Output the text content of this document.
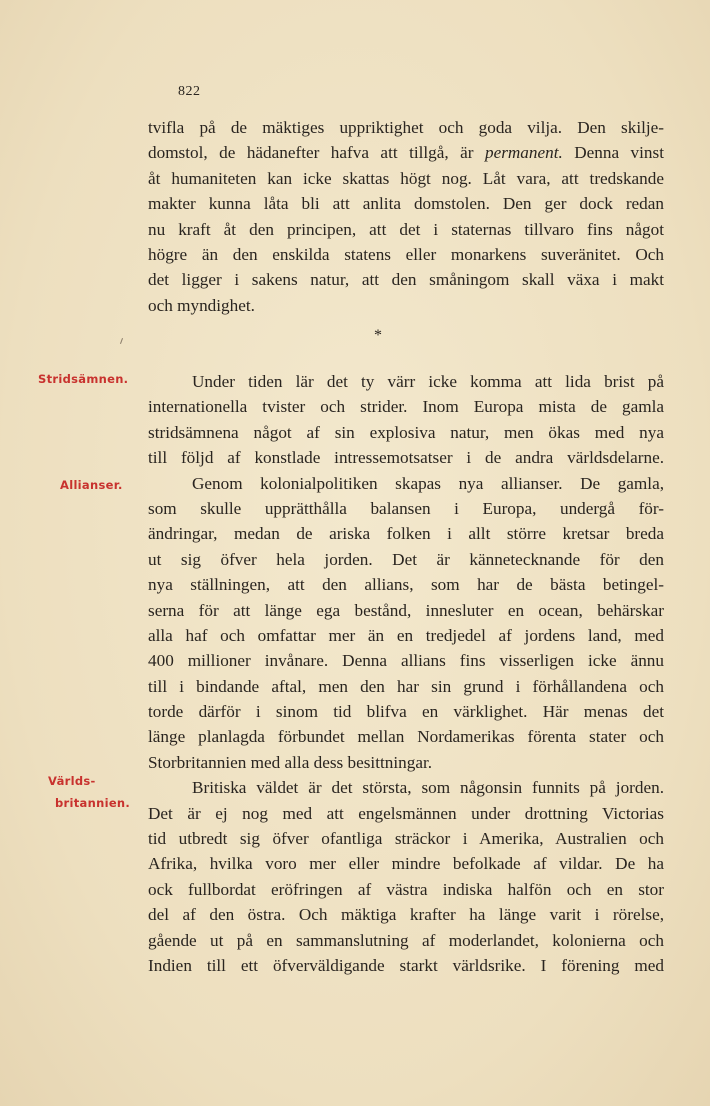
822
tvifla på de mäktiges uppriktighet och goda vilja. Den skilje-
domstol, de hädanefter hafva att tillgå, är permanent. Denna vinst
åt humaniteten kan icke skattas högt nog. Låt vara, att tredskande
makter kunna låta bli att anlita domstolen. Den ger dock redan
nu kraft åt den principen, att det i staternas tillvaro fins något
högre än den enskilda statens eller monarkens suveränitet. Och
det ligger i sakens natur, att den småningom skall växa i makt
och myndighet.
*
Stridsämnen.
Allianser.
Världs-
britannien.
Under tiden lär det ty värr icke komma att lida brist på
internationella tvister och strider. Inom Europa mista de gamla
stridsämnena något af sin explosiva natur, men ökas med nya
till följd af konstlade intressemotsatser i de andra världsdelarne.
Genom kolonialpolitiken skapas nya allianser. De gamla,
som skulle upprätthålla balansen i Europa, undergå för-
ändringar, medan de ariska folken i allt större kretsar breda
ut sig öfver hela jorden. Det är kännetecknande för den
nya ställningen, att den allians, som har de bästa betingel-
serna för att länge ega bestånd, innesluter en ocean, behärskar
alla haf och omfattar mer än en tredjedel af jordens land, med
400 millioner invånare. Denna allians fins visserligen icke ännu
till i bindande aftal, men den har sin grund i förhållandena och
torde därför i sinom tid blifva en värklighet. Här menas det
länge planlagda förbundet mellan Nordamerikas förenta stater och
Storbritannien med alla dess besittningar.
Britiska väldet är det största, som någonsin funnits på jorden.
Det är ej nog med att engelsmännen under drottning Victorias
tid utbredt sig öfver ofantliga sträckor i Amerika, Australien och
Afrika, hvilka voro mer eller mindre befolkade af vildar. De ha
ock fullbordat eröfringen af västra indiska halfön och en stor
del af den östra. Och mäktiga krafter ha länge varit i rörelse,
gående ut på en sammanslutning af moderlandet, kolonierna och
Indien till ett öfverväldigande starkt världsrike. I förening med
